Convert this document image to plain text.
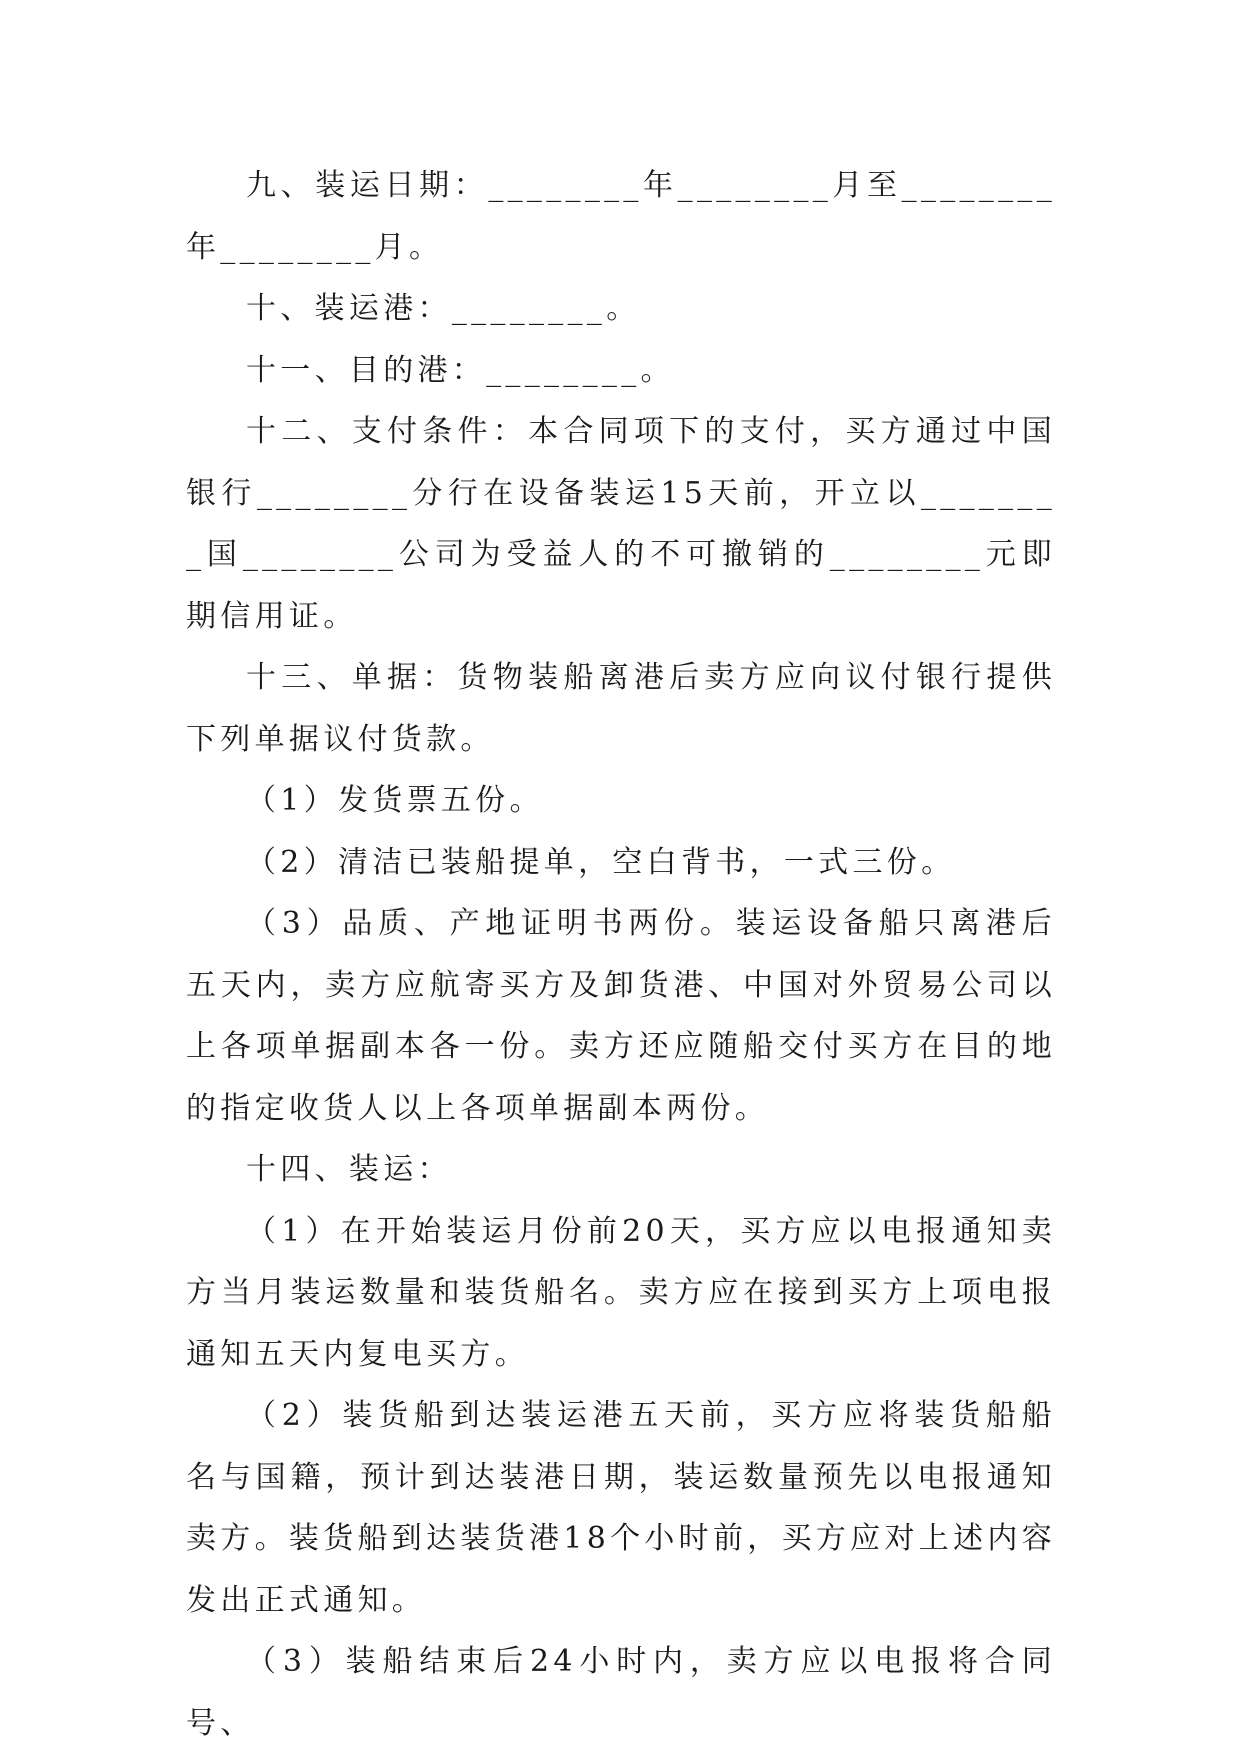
九、装运日期：________年________月至________年________月。

十、装运港：________。

十一、目的港：________。

十二、支付条件：本合同项下的支付，买方通过中国银行________分行在设备装运15天前，开立以________国________公司为受益人的不可撤销的________元即期信用证。

十三、单据：货物装船离港后卖方应向议付银行提供下列单据议付货款。

（1）发货票五份。

（2）清洁已装船提单，空白背书，一式三份。

（3）品质、产地证明书两份。装运设备船只离港后五天内，卖方应航寄买方及卸货港、中国对外贸易公司以上各项单据副本各一份。卖方还应随船交付买方在目的地的指定收货人以上各项单据副本两份。

十四、装运：

（1）在开始装运月份前20天，买方应以电报通知卖方当月装运数量和装货船名。卖方应在接到买方上项电报通知五天内复电买方。

（2）装货船到达装运港五天前，买方应将装货船船名与国籍，预计到达装港日期，装运数量预先以电报通知卖方。装货船到达装货港18个小时前，买方应对上述内容发出正式通知。

（3）装船结束后24小时内，卖方应以电报将合同号、
